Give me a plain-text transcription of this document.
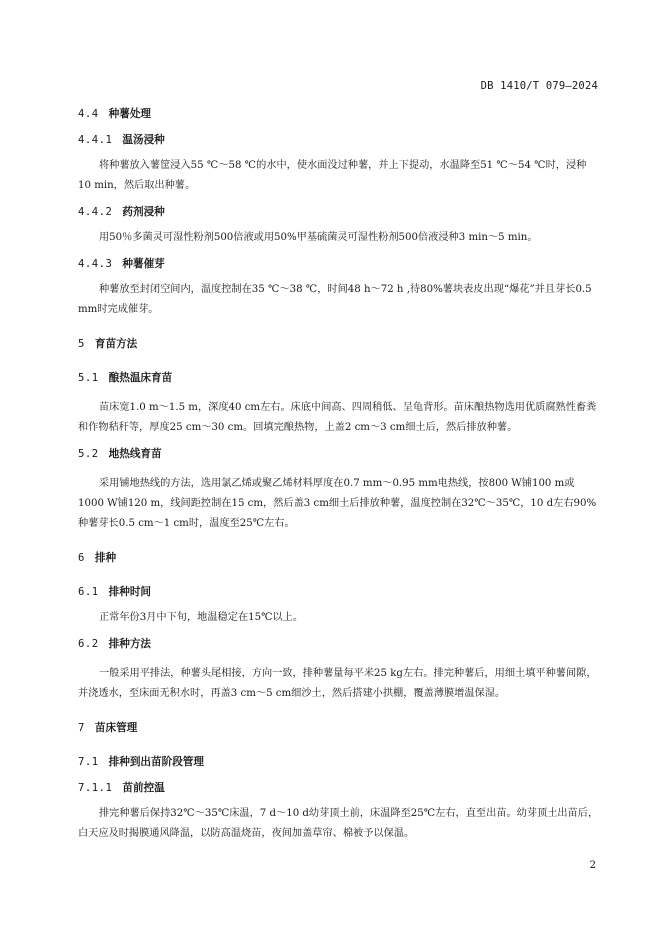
DB 1410/T 079—2024
4.4 种薯处理
4.4.1 温汤浸种

将种薯放入薯筐浸入55 ℃～58 ℃的水中，使水面没过种薯，并上下提动，水温降至51 ℃～54 ℃时，浸种10 min，然后取出种薯。

4.4.2 药剂浸种

用50％多菌灵可湿性粉剂500倍液或用50%甲基硫菌灵可湿性粉剂500倍液浸种3 min～5 min。

4.4.3 种薯催芽

种薯放至封闭空间内，温度控制在35 ℃～38 ℃，时间48 h～72 h ,待80%薯块表皮出现“爆花”并且芽长0.5 mm时完成催芽。

5 育苗方法
5.1 酿热温床育苗

苗床宽1.0 m～1.5 m，深度40 cm左右。床底中间高、四周稍低、呈龟背形。苗床酿热物选用优质腐熟性畜粪和作物秸秆等，厚度25 cm～30 cm。回填完酿热物，上盖2 cm～3 cm细土后，然后排放种薯。

5.2 地热线育苗

采用铺地热线的方法，选用氯乙烯或聚乙烯材料厚度在0.7 mm～0.95 mm电热线，按800 W铺100 m或1000 W铺120 m，线间距控制在15 cm，然后盖3 cm细土后排放种薯，温度控制在32℃～35℃，10 d左右90%种薯芽长0.5 cm～1 cm时，温度至25℃左右。

6 排种
6.1 排种时间

正常年份3月中下旬，地温稳定在15℃以上。

6.2 排种方法

一般采用平排法，种薯头尾相接，方向一致，排种薯量每平米25 kg左右。排完种薯后，用细土填平种薯间隙，并浇透水，至床面无积水时，再盖3 cm～5 cm细沙土，然后搭建小拱棚，覆盖薄膜增温保湿。

7 苗床管理
7.1 排种到出苗阶段管理
7.1.1 苗前控温

排完种薯后保持32℃～35℃床温，7 d～10 d幼芽顶土前，床温降至25℃左右，直至出苗。幼芽顶土出苗后，白天应及时揭膜通风降温，以防高温烧苗，夜间加盖草帘、棉被予以保温。

2
